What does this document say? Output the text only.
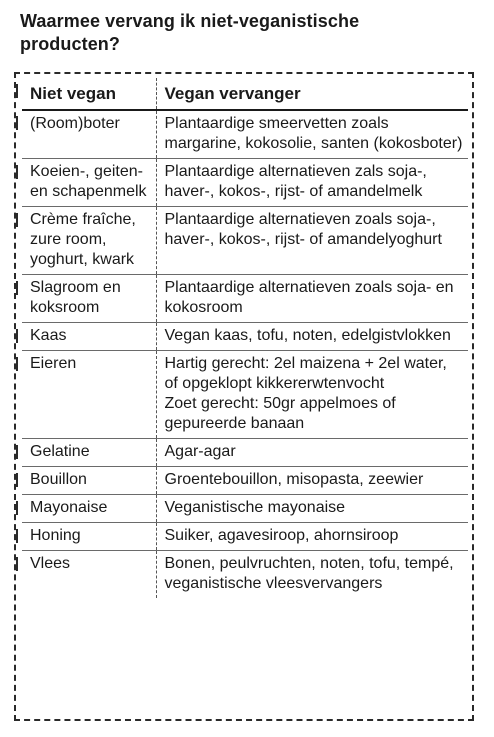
Waarmee vervang ik niet-veganistische producten?
Niet vegan	Vegan vervanger
(Room)boter	Plantaardige smeervetten zoals margarine, kokosolie, santen (kokosboter)
Koeien-, geiten- en schapenmelk	Plantaardige alternatieven zals soja-, haver-, kokos-, rijst- of amandelmelk
Crème fraîche, zure room, yoghurt, kwark	Plantaardige alternatieven zoals soja-, haver-, kokos-, rijst- of amandelyoghurt
Slagroom en koksroom	Plantaardige alternatieven zoals soja- en kokosroom
Kaas	Vegan kaas, tofu, noten, edelgistvlokken
Eieren	Hartig gerecht: 2el maizena + 2el water, of opgeklopt kikkererwtenvocht
Zoet gerecht: 50gr appelmoes of gepureerde banaan
Gelatine	Agar-agar
Bouillon	Groentebouillon, misopasta, zeewier
Mayonaise	Veganistische mayonaise
Honing	Suiker, agavesiroop, ahornsiroop
Vlees	Bonen, peulvruchten, noten, tofu, tempé, veganistische vleesvervangers
